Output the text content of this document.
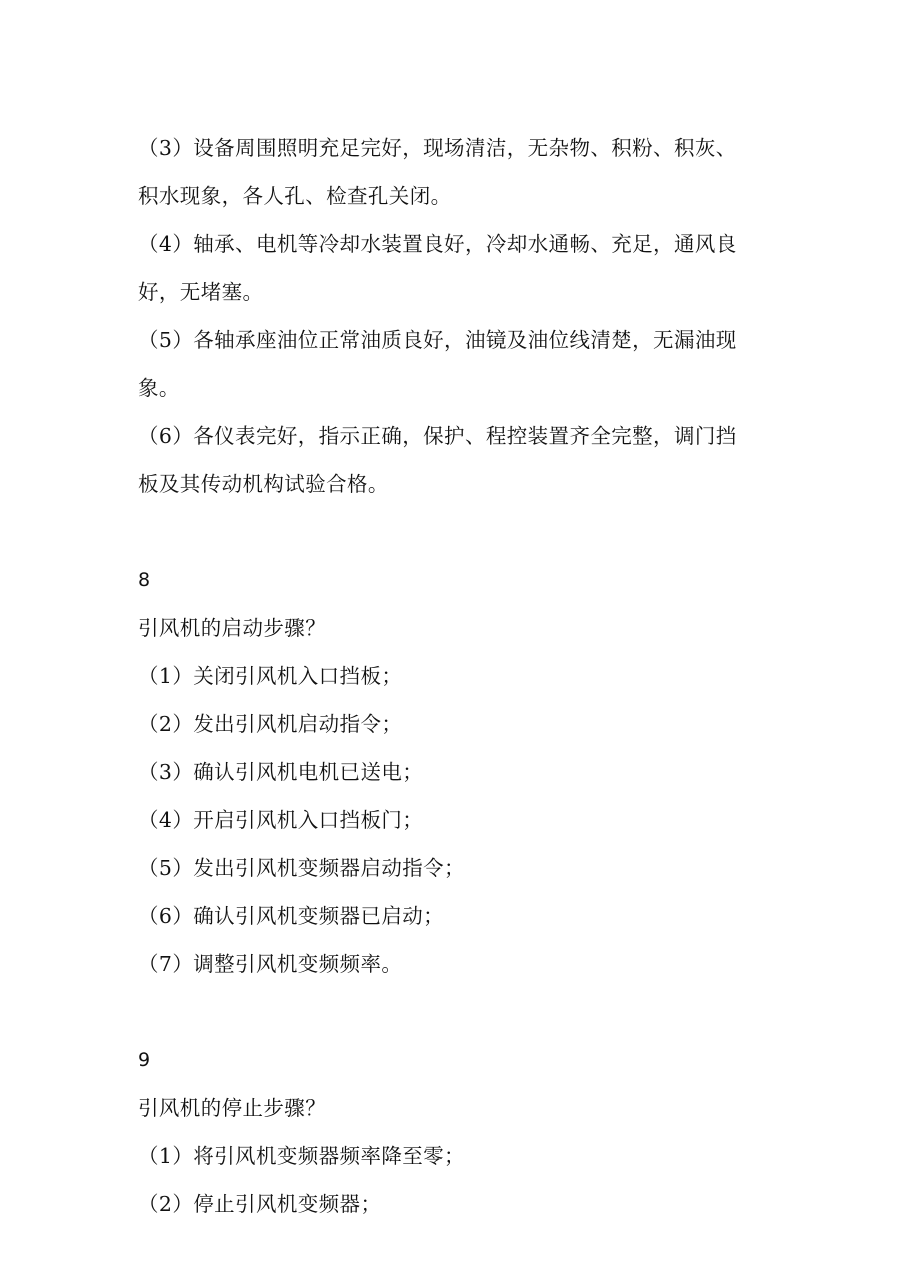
（3）设备周围照明充足完好，现场清洁，无杂物、积粉、积灰、
积水现象，各人孔、检查孔关闭。
（4）轴承、电机等冷却水装置良好，冷却水通畅、充足，通风良
好，无堵塞。
（5）各轴承座油位正常油质良好，油镜及油位线清楚，无漏油现
象。
（6）各仪表完好，指示正确，保护、程控装置齐全完整，调门挡
板及其传动机构试验合格。
8
引风机的启动步骤？
（1）关闭引风机入口挡板；
（2）发出引风机启动指令；
（3）确认引风机电机已送电；
（4）开启引风机入口挡板门；
（5）发出引风机变频器启动指令；
（6）确认引风机变频器已启动；
（7）调整引风机变频频率。
9
引风机的停止步骤？
（1）将引风机变频器频率降至零；
（2）停止引风机变频器；
